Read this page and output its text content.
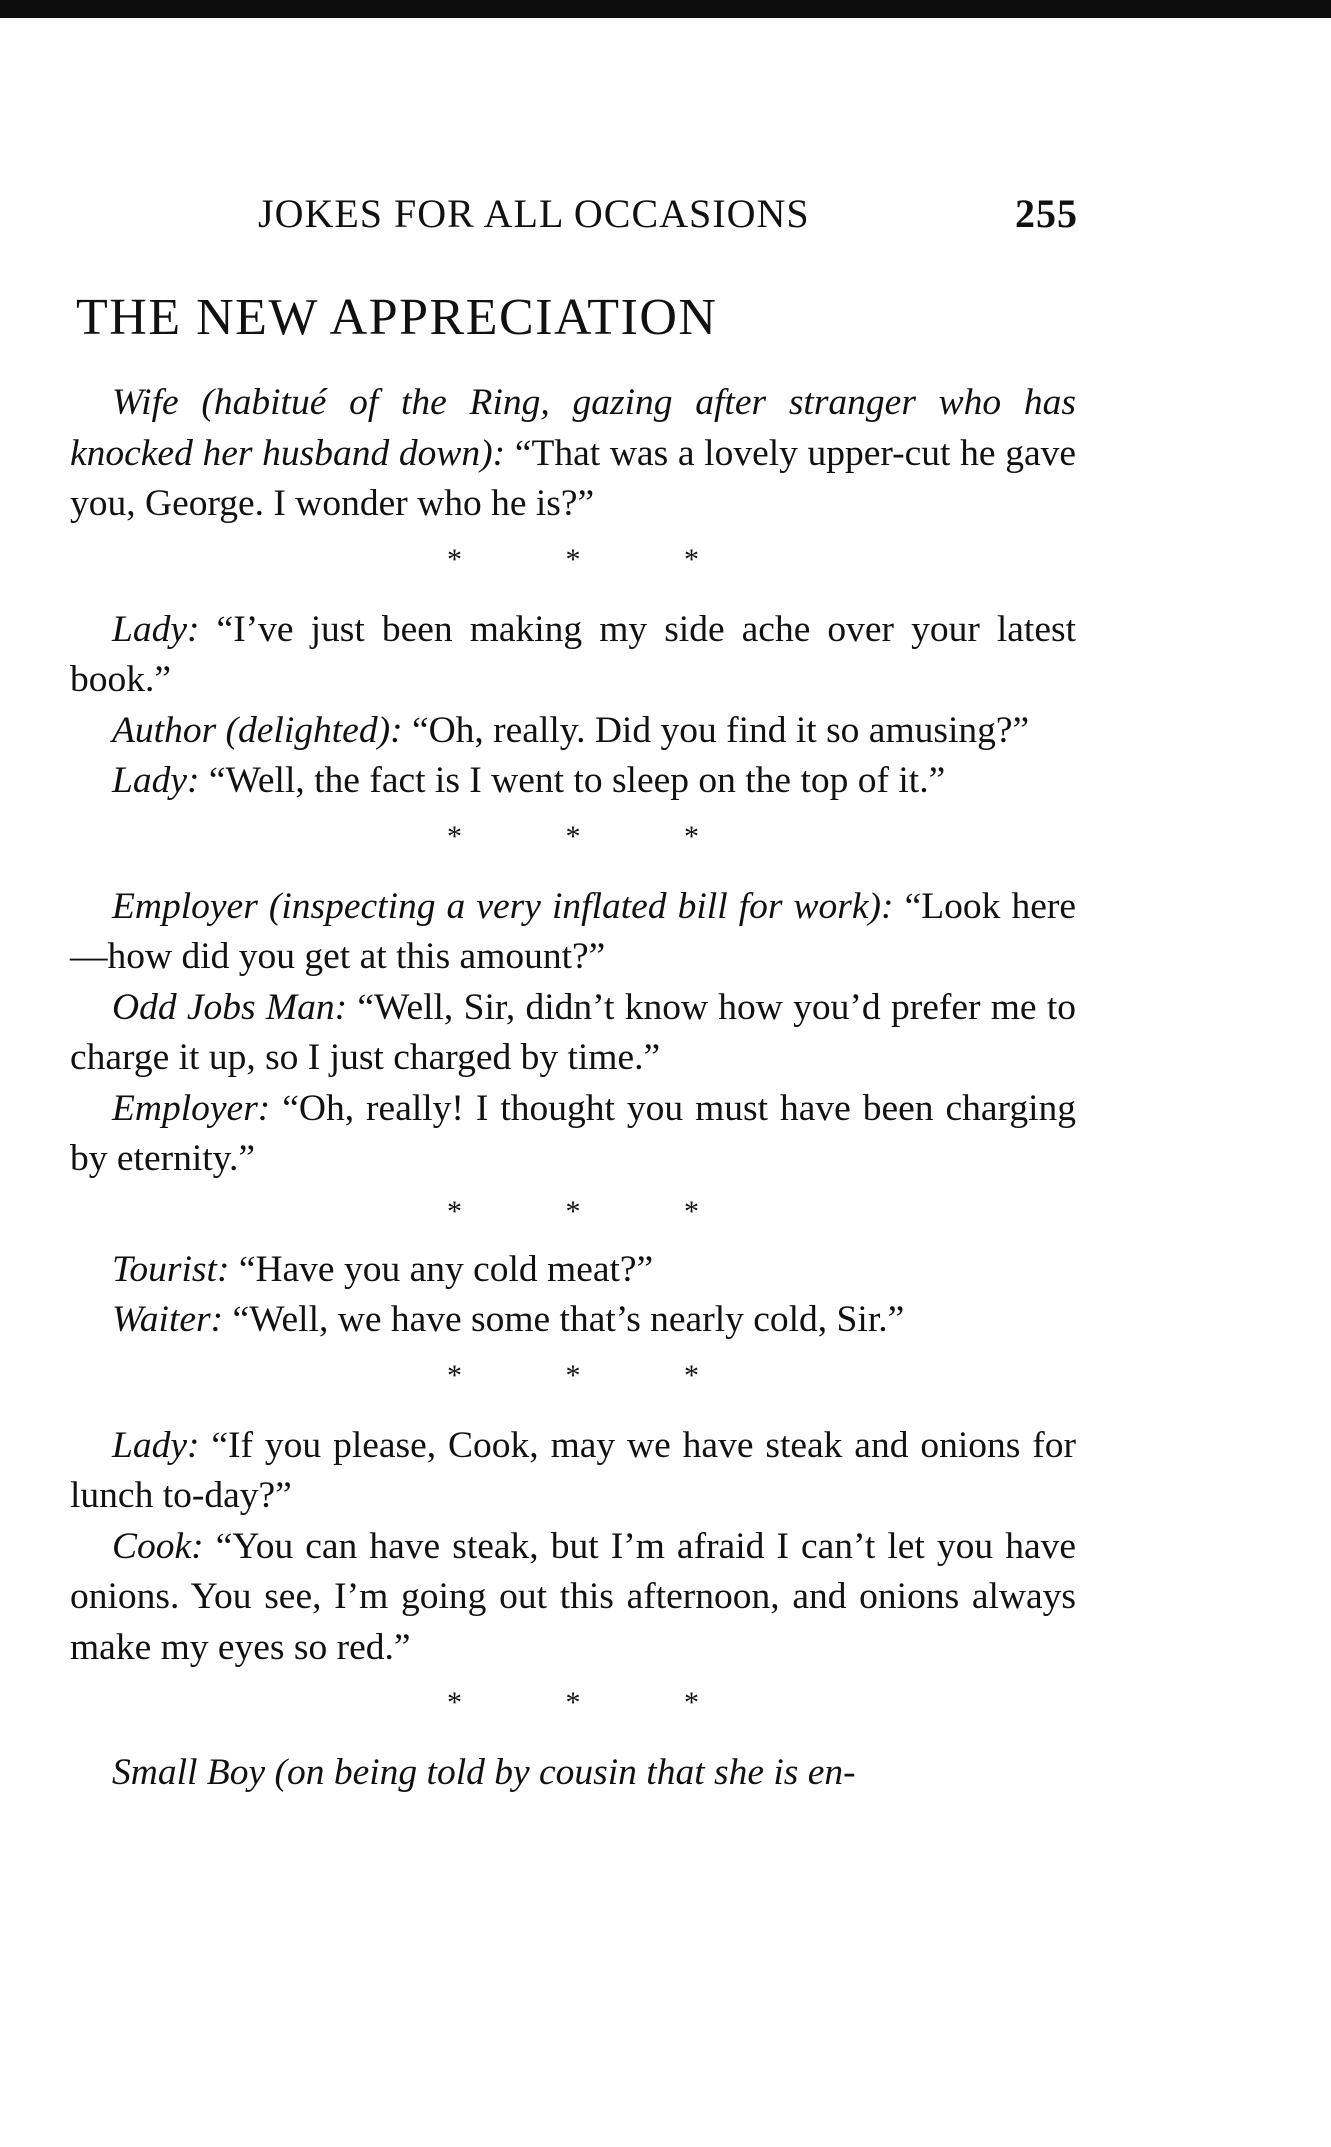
JOKES FOR ALL OCCASIONS	255
THE NEW APPRECIATION

Wife (habitué of the Ring, gazing after stranger who has knocked her husband down): “That was a lovely upper-cut he gave you, George. I wonder who he is?”

* * *

Lady: “I’ve just been making my side ache over your latest book.”

Author (delighted): “Oh, really. Did you find it so amusing?”

Lady: “Well, the fact is I went to sleep on the top of it.”

* * *

Employer (inspecting a very inflated bill for work): “Look here—how did you get at this amount?”

Odd Jobs Man: “Well, Sir, didn’t know how you’d prefer me to charge it up, so I just charged by time.”

Employer: “Oh, really! I thought you must have been charging by eternity.”

* * *

Tourist: “Have you any cold meat?”

Waiter: “Well, we have some that’s nearly cold, Sir.”

* * *

Lady: “If you please, Cook, may we have steak and onions for lunch to-day?”

Cook: “You can have steak, but I’m afraid I can’t let you have onions. You see, I’m going out this afternoon, and onions always make my eyes so red.”

* * *

Small Boy (on being told by cousin that she is en-
